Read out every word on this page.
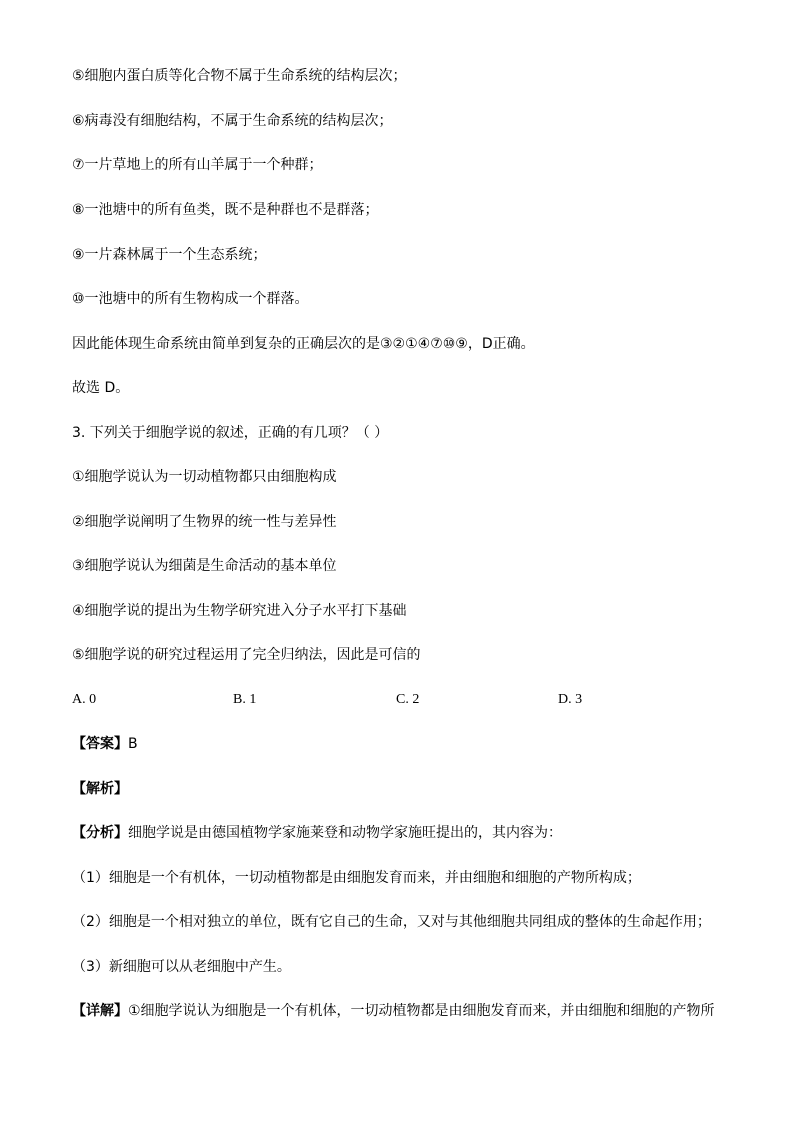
⑤细胞内蛋白质等化合物不属于生命系统的结构层次；
⑥病毒没有细胞结构，不属于生命系统的结构层次；
⑦一片草地上的所有山羊属于一个种群；
⑧一池塘中的所有鱼类，既不是种群也不是群落；
⑨一片森林属于一个生态系统；
⑩一池塘中的所有生物构成一个群落。
因此能体现生命系统由简单到复杂的正确层次的是③②①④⑦⑩⑨，D正确。
故选 D。
3. 下列关于细胞学说的叙述，正确的有几项？（ ）
①细胞学说认为一切动植物都只由细胞构成
②细胞学说阐明了生物界的统一性与差异性
③细胞学说认为细菌是生命活动的基本单位
④细胞学说的提出为生物学研究进入分子水平打下基础
⑤细胞学说的研究过程运用了完全归纳法，因此是可信的
A. 0	B. 1	C. 2	D. 3
【答案】B
【解析】
【分析】细胞学说是由德国植物学家施莱登和动物学家施旺提出的，其内容为：
（1）细胞是一个有机体，一切动植物都是由细胞发育而来，并由细胞和细胞的产物所构成；
（2）细胞是一个相对独立的单位，既有它自己的生命，又对与其他细胞共同组成的整体的生命起作用；
（3）新细胞可以从老细胞中产生。
【详解】①细胞学说认为细胞是一个有机体，一切动植物都是由细胞发育而来，并由细胞和细胞的产物所
